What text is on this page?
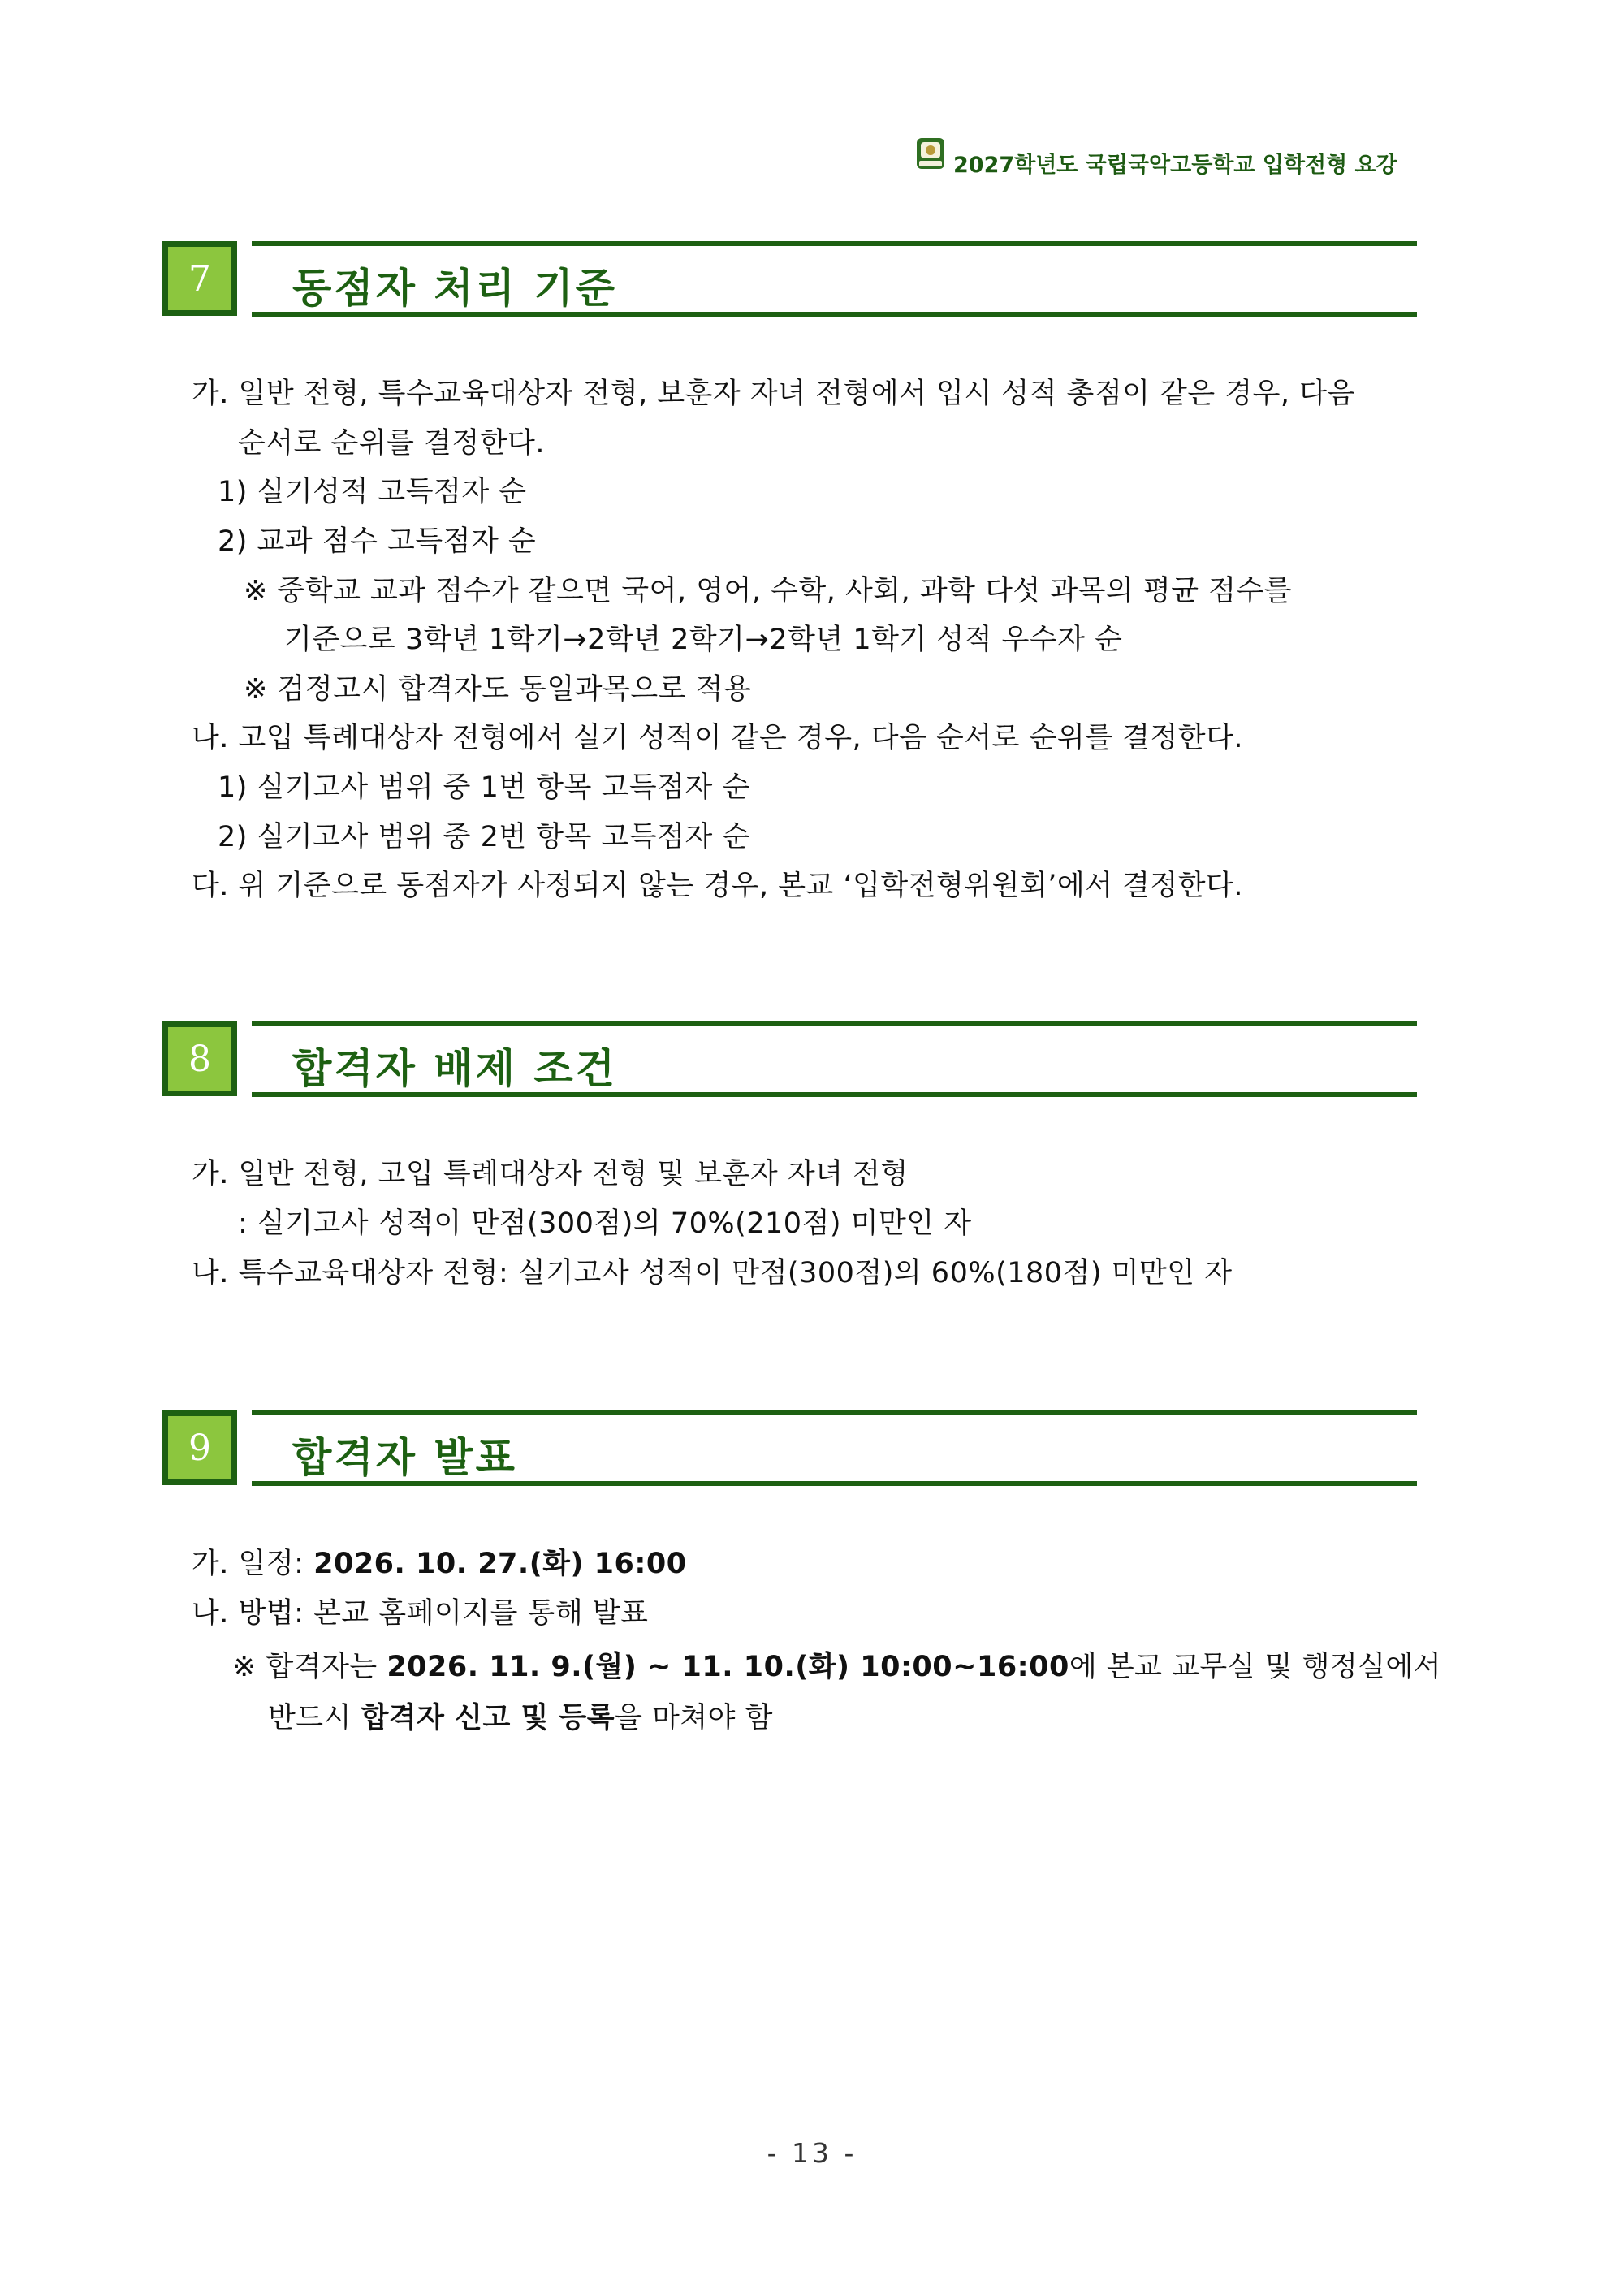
2027학년도 국립국악고등학교 입학전형 요강
7	동점자 처리 기준
가. 일반 전형, 특수교육대상자 전형, 보훈자 자녀 전형에서 입시 성적 총점이 같은 경우, 다음
순서로 순위를 결정한다.
1) 실기성적 고득점자 순
2) 교과 점수 고득점자 순
※ 중학교 교과 점수가 같으면 국어, 영어, 수학, 사회, 과학 다섯 과목의 평균 점수를
기준으로 3학년 1학기→2학년 2학기→2학년 1학기 성적 우수자 순
※ 검정고시 합격자도 동일과목으로 적용
나. 고입 특례대상자 전형에서 실기 성적이 같은 경우, 다음 순서로 순위를 결정한다.
1) 실기고사 범위 중 1번 항목 고득점자 순
2) 실기고사 범위 중 2번 항목 고득점자 순
다. 위 기준으로 동점자가 사정되지 않는 경우, 본교 ‘입학전형위원회’에서 결정한다.
8	합격자 배제 조건
가. 일반 전형, 고입 특례대상자 전형 및 보훈자 자녀 전형
: 실기고사 성적이 만점(300점)의 70%(210점) 미만인 자
나. 특수교육대상자 전형: 실기고사 성적이 만점(300점)의 60%(180점) 미만인 자
9	합격자 발표
가. 일정: 2026. 10. 27.(화) 16:00
나. 방법: 본교 홈페이지를 통해 발표
※ 합격자는 2026. 11. 9.(월) ~ 11. 10.(화) 10:00~16:00에 본교 교무실 및 행정실에서
반드시 합격자 신고 및 등록을 마쳐야 함
- 13 -
